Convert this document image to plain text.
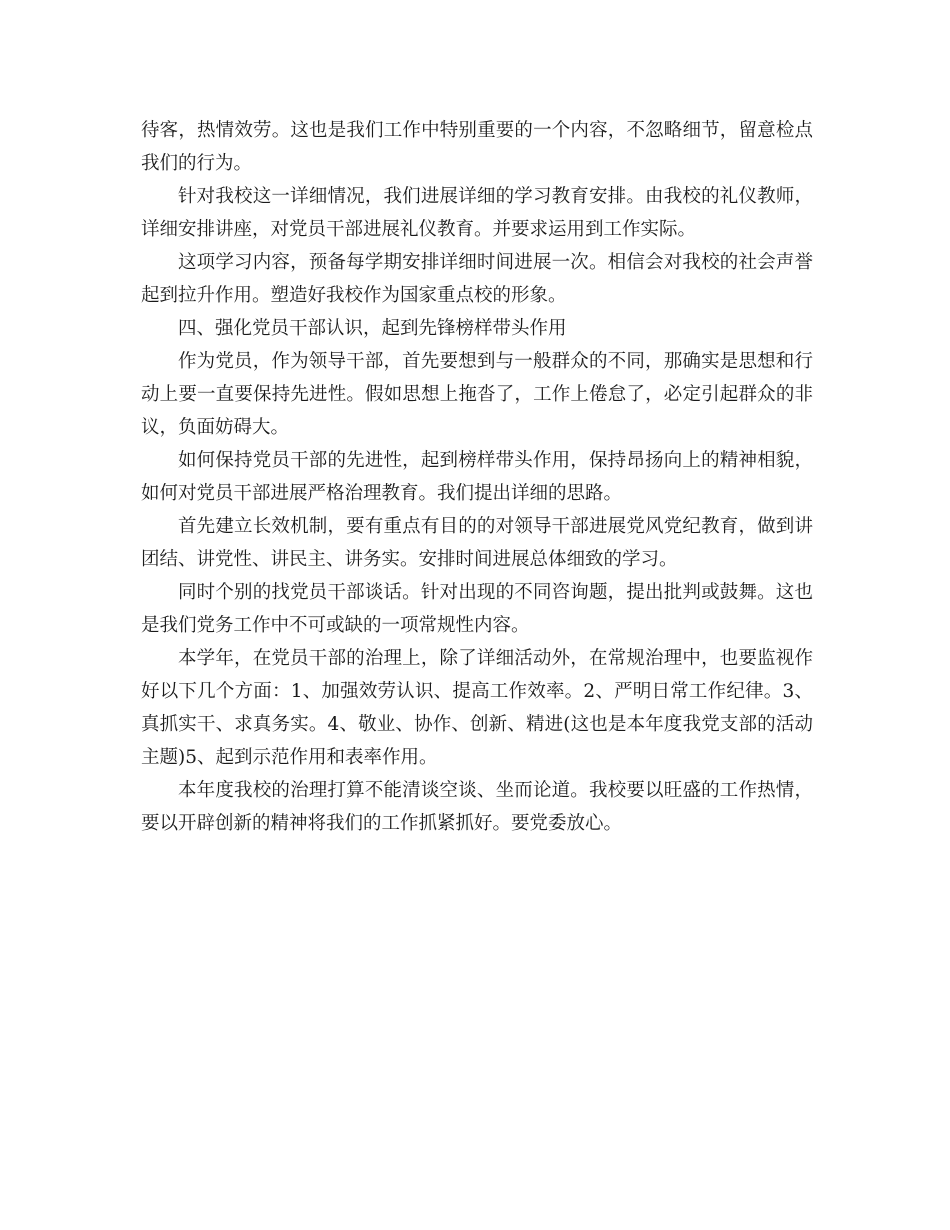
待客，热情效劳。这也是我们工作中特别重要的一个内容，不忽略细节，留意检点我们的行为。

针对我校这一详细情况，我们进展详细的学习教育安排。由我校的礼仪教师，详细安排讲座，对党员干部进展礼仪教育。并要求运用到工作实际。

这项学习内容，预备每学期安排详细时间进展一次。相信会对我校的社会声誉起到拉升作用。塑造好我校作为国家重点校的形象。

四、强化党员干部认识，起到先锋榜样带头作用

作为党员，作为领导干部，首先要想到与一般群众的不同，那确实是思想和行动上要一直要保持先进性。假如思想上拖沓了，工作上倦怠了，必定引起群众的非议，负面妨碍大。

如何保持党员干部的先进性，起到榜样带头作用，保持昂扬向上的精神相貌，如何对党员干部进展严格治理教育。我们提出详细的思路。

首先建立长效机制，要有重点有目的的对领导干部进展党风党纪教育，做到讲团结、讲党性、讲民主、讲务实。安排时间进展总体细致的学习。

同时个别的找党员干部谈话。针对出现的不同咨询题，提出批判或鼓舞。这也是我们党务工作中不可或缺的一项常规性内容。

本学年，在党员干部的治理上，除了详细活动外，在常规治理中，也要监视作好以下几个方面：1、加强效劳认识、提高工作效率。2、严明日常工作纪律。3、真抓实干、求真务实。4、敬业、协作、创新、精进(这也是本年度我党支部的活动主题)5、起到示范作用和表率作用。

本年度我校的治理打算不能清谈空谈、坐而论道。我校要以旺盛的工作热情，要以开辟创新的精神将我们的工作抓紧抓好。要党委放心。
